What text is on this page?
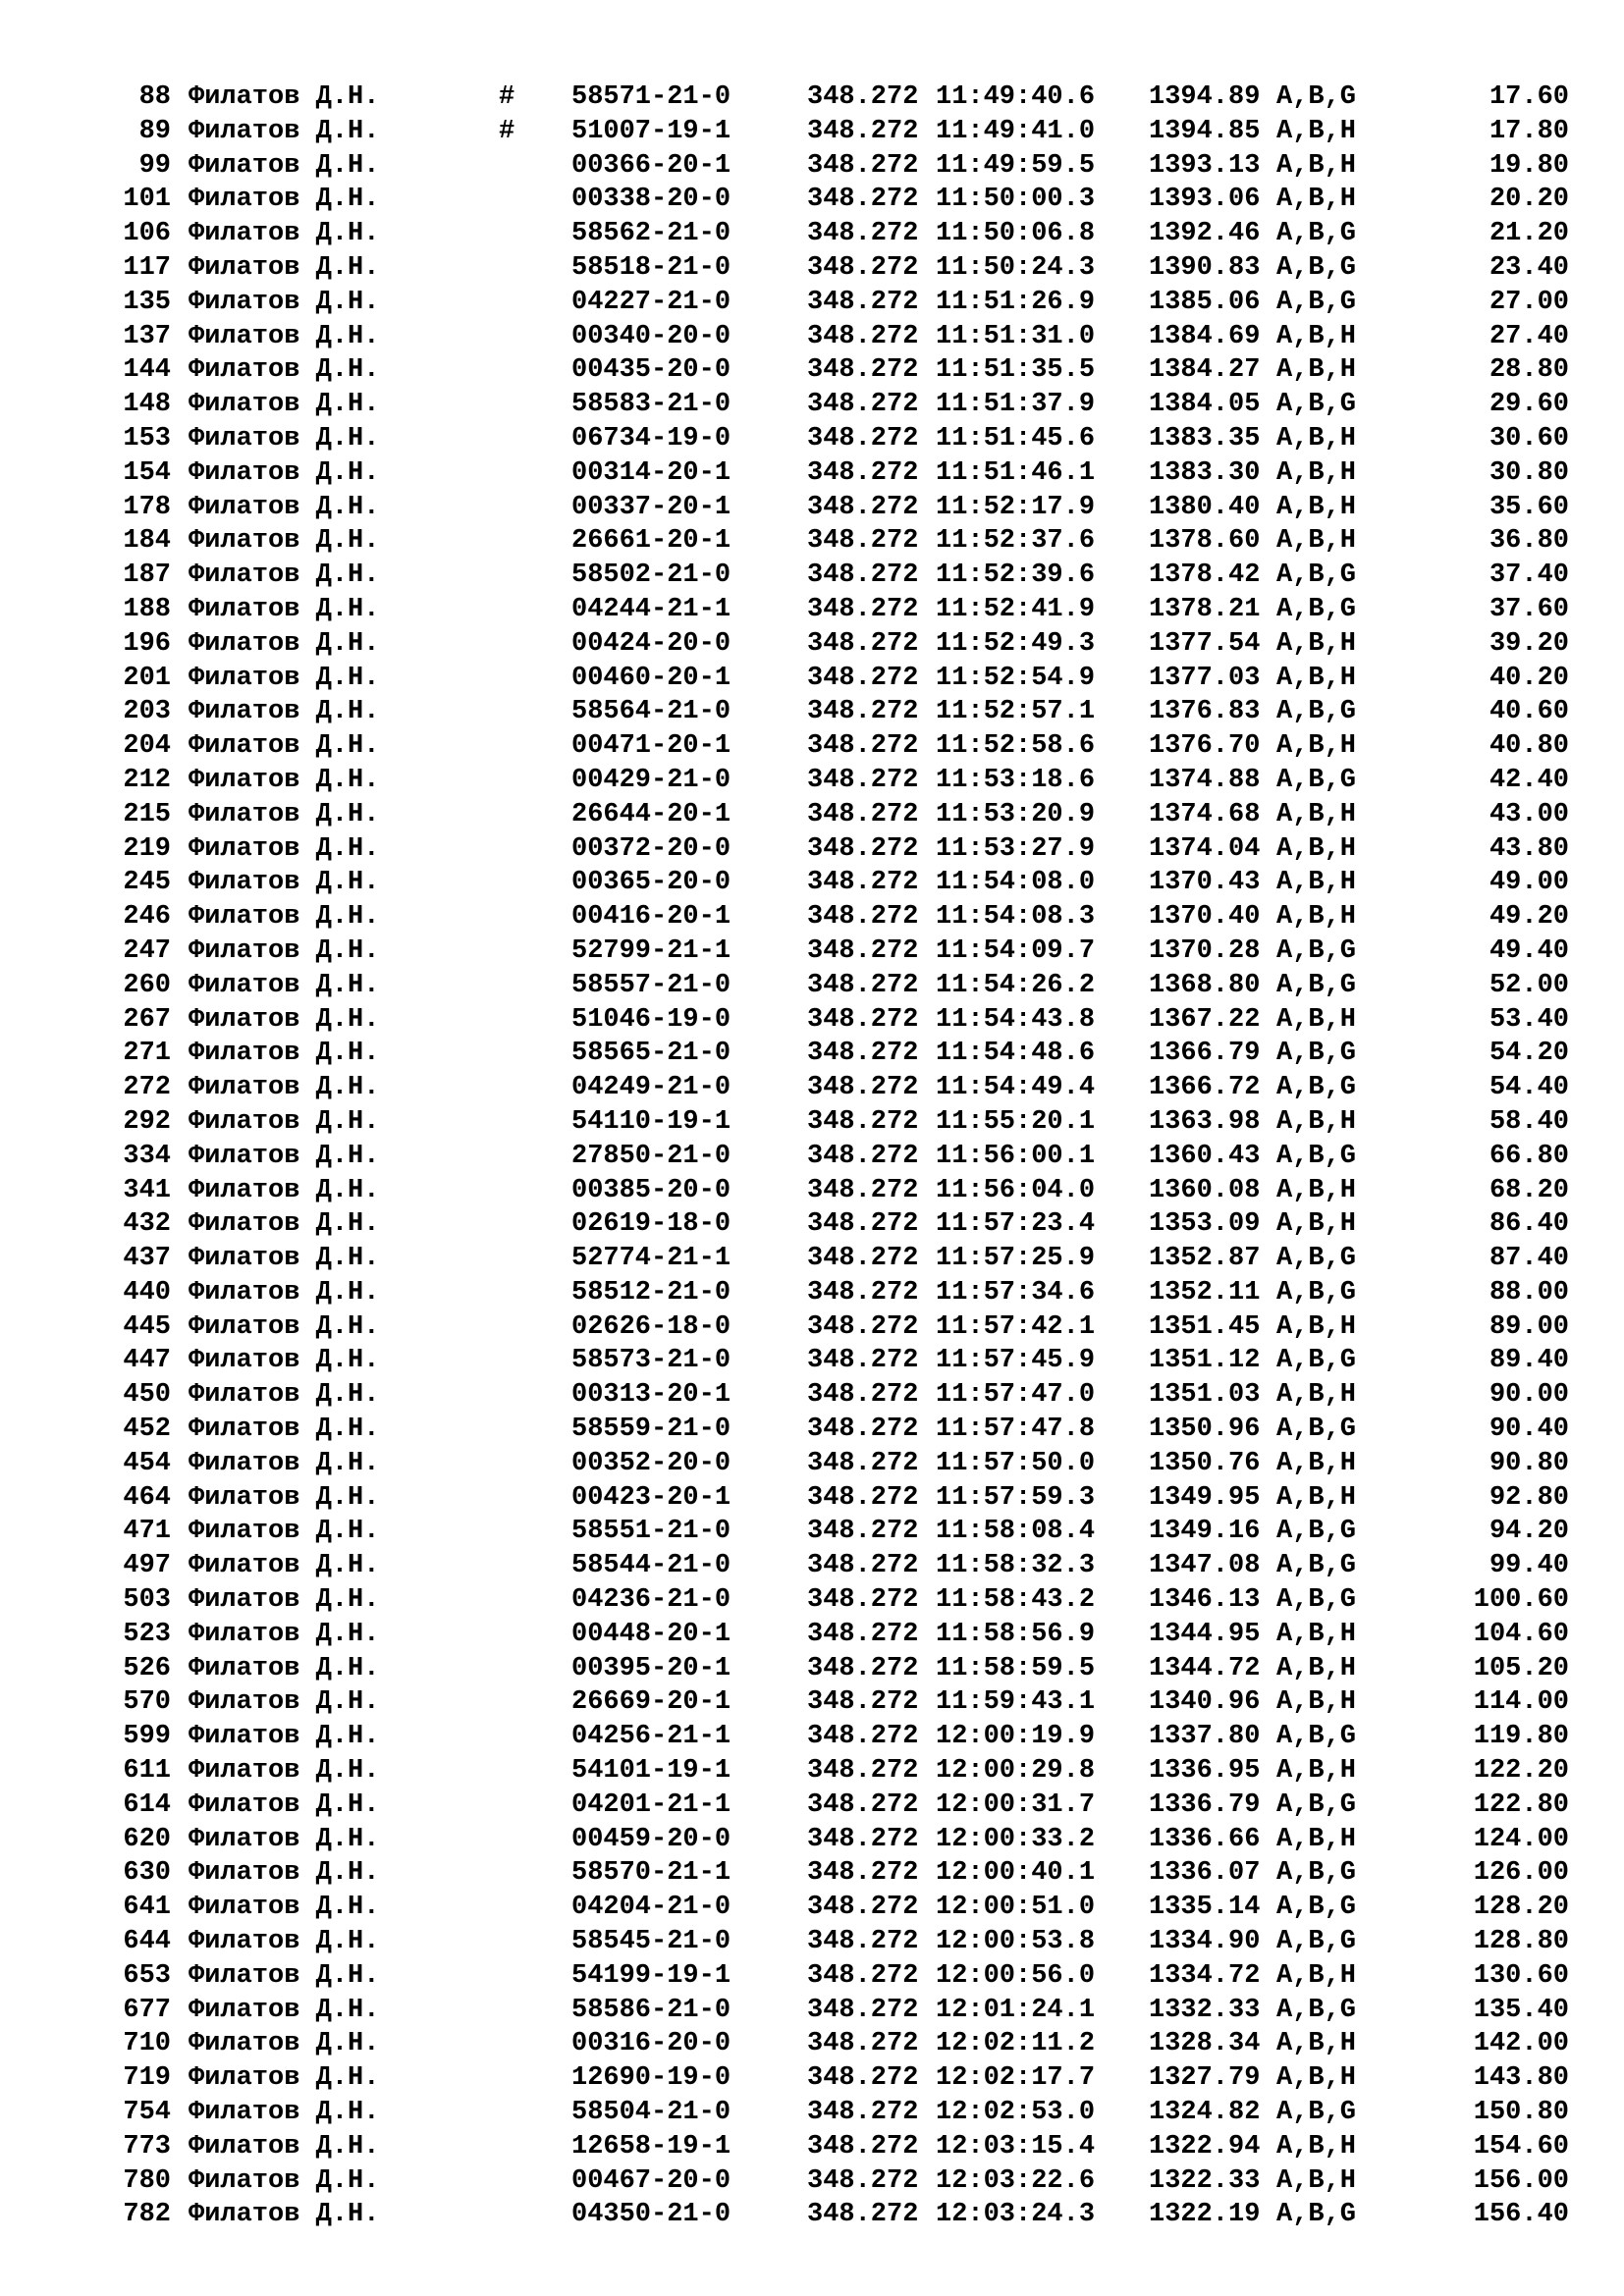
88 Филатов Д.Н.	# 58571-21-0	348.272 11:49:40.6 1394.89 A,B,G	17.60
89 Филатов Д.Н.	# 51007-19-1	348.272 11:49:41.0 1394.85 A,B,H	17.80
99 Филатов Д.Н.	00366-20-1	348.272 11:49:59.5 1393.13 A,B,H	19.80
101 Филатов Д.Н.	00338-20-0	348.272 11:50:00.3 1393.06 A,B,H	20.20
106 Филатов Д.Н.	58562-21-0	348.272 11:50:06.8 1392.46 A,B,G	21.20
117 Филатов Д.Н.	58518-21-0	348.272 11:50:24.3 1390.83 A,B,G	23.40
135 Филатов Д.Н.	04227-21-0	348.272 11:51:26.9 1385.06 A,B,G	27.00
137 Филатов Д.Н.	00340-20-0	348.272 11:51:31.0 1384.69 A,B,H	27.40
144 Филатов Д.Н.	00435-20-0	348.272 11:51:35.5 1384.27 A,B,H	28.80
148 Филатов Д.Н.	58583-21-0	348.272 11:51:37.9 1384.05 A,B,G	29.60
153 Филатов Д.Н.	06734-19-0	348.272 11:51:45.6 1383.35 A,B,H	30.60
154 Филатов Д.Н.	00314-20-1	348.272 11:51:46.1 1383.30 A,B,H	30.80
178 Филатов Д.Н.	00337-20-1	348.272 11:52:17.9 1380.40 A,B,H	35.60
184 Филатов Д.Н.	26661-20-1	348.272 11:52:37.6 1378.60 A,B,H	36.80
187 Филатов Д.Н.	58502-21-0	348.272 11:52:39.6 1378.42 A,B,G	37.40
188 Филатов Д.Н.	04244-21-1	348.272 11:52:41.9 1378.21 A,B,G	37.60
196 Филатов Д.Н.	00424-20-0	348.272 11:52:49.3 1377.54 A,B,H	39.20
201 Филатов Д.Н.	00460-20-1	348.272 11:52:54.9 1377.03 A,B,H	40.20
203 Филатов Д.Н.	58564-21-0	348.272 11:52:57.1 1376.83 A,B,G	40.60
204 Филатов Д.Н.	00471-20-1	348.272 11:52:58.6 1376.70 A,B,H	40.80
212 Филатов Д.Н.	00429-21-0	348.272 11:53:18.6 1374.88 A,B,G	42.40
215 Филатов Д.Н.	26644-20-1	348.272 11:53:20.9 1374.68 A,B,H	43.00
219 Филатов Д.Н.	00372-20-0	348.272 11:53:27.9 1374.04 A,B,H	43.80
245 Филатов Д.Н.	00365-20-0	348.272 11:54:08.0 1370.43 A,B,H	49.00
246 Филатов Д.Н.	00416-20-1	348.272 11:54:08.3 1370.40 A,B,H	49.20
247 Филатов Д.Н.	52799-21-1	348.272 11:54:09.7 1370.28 A,B,G	49.40
260 Филатов Д.Н.	58557-21-0	348.272 11:54:26.2 1368.80 A,B,G	52.00
267 Филатов Д.Н.	51046-19-0	348.272 11:54:43.8 1367.22 A,B,H	53.40
271 Филатов Д.Н.	58565-21-0	348.272 11:54:48.6 1366.79 A,B,G	54.20
272 Филатов Д.Н.	04249-21-0	348.272 11:54:49.4 1366.72 A,B,G	54.40
292 Филатов Д.Н.	54110-19-1	348.272 11:55:20.1 1363.98 A,B,H	58.40
334 Филатов Д.Н.	27850-21-0	348.272 11:56:00.1 1360.43 A,B,G	66.80
341 Филатов Д.Н.	00385-20-0	348.272 11:56:04.0 1360.08 A,B,H	68.20
432 Филатов Д.Н.	02619-18-0	348.272 11:57:23.4 1353.09 A,B,H	86.40
437 Филатов Д.Н.	52774-21-1	348.272 11:57:25.9 1352.87 A,B,G	87.40
440 Филатов Д.Н.	58512-21-0	348.272 11:57:34.6 1352.11 A,B,G	88.00
445 Филатов Д.Н.	02626-18-0	348.272 11:57:42.1 1351.45 A,B,H	89.00
447 Филатов Д.Н.	58573-21-0	348.272 11:57:45.9 1351.12 A,B,G	89.40
450 Филатов Д.Н.	00313-20-1	348.272 11:57:47.0 1351.03 A,B,H	90.00
452 Филатов Д.Н.	58559-21-0	348.272 11:57:47.8 1350.96 A,B,G	90.40
454 Филатов Д.Н.	00352-20-0	348.272 11:57:50.0 1350.76 A,B,H	90.80
464 Филатов Д.Н.	00423-20-1	348.272 11:57:59.3 1349.95 A,B,H	92.80
471 Филатов Д.Н.	58551-21-0	348.272 11:58:08.4 1349.16 A,B,G	94.20
497 Филатов Д.Н.	58544-21-0	348.272 11:58:32.3 1347.08 A,B,G	99.40
503 Филатов Д.Н.	04236-21-0	348.272 11:58:43.2 1346.13 A,B,G	100.60
523 Филатов Д.Н.	00448-20-1	348.272 11:58:56.9 1344.95 A,B,H	104.60
526 Филатов Д.Н.	00395-20-1	348.272 11:58:59.5 1344.72 A,B,H	105.20
570 Филатов Д.Н.	26669-20-1	348.272 11:59:43.1 1340.96 A,B,H	114.00
599 Филатов Д.Н.	04256-21-1	348.272 12:00:19.9 1337.80 A,B,G	119.80
611 Филатов Д.Н.	54101-19-1	348.272 12:00:29.8 1336.95 A,B,H	122.20
614 Филатов Д.Н.	04201-21-1	348.272 12:00:31.7 1336.79 A,B,G	122.80
620 Филатов Д.Н.	00459-20-0	348.272 12:00:33.2 1336.66 A,B,H	124.00
630 Филатов Д.Н.	58570-21-1	348.272 12:00:40.1 1336.07 A,B,G	126.00
641 Филатов Д.Н.	04204-21-0	348.272 12:00:51.0 1335.14 A,B,G	128.20
644 Филатов Д.Н.	58545-21-0	348.272 12:00:53.8 1334.90 A,B,G	128.80
653 Филатов Д.Н.	54199-19-1	348.272 12:00:56.0 1334.72 A,B,H	130.60
677 Филатов Д.Н.	58586-21-0	348.272 12:01:24.1 1332.33 A,B,G	135.40
710 Филатов Д.Н.	00316-20-0	348.272 12:02:11.2 1328.34 A,B,H	142.00
719 Филатов Д.Н.	12690-19-0	348.272 12:02:17.7 1327.79 A,B,H	143.80
754 Филатов Д.Н.	58504-21-0	348.272 12:02:53.0 1324.82 A,B,G	150.80
773 Филатов Д.Н.	12658-19-1	348.272 12:03:15.4 1322.94 A,B,H	154.60
780 Филатов Д.Н.	00467-20-0	348.272 12:03:22.6 1322.33 A,B,H	156.00
782 Филатов Д.Н.	04350-21-0	348.272 12:03:24.3 1322.19 A,B,G	156.40
